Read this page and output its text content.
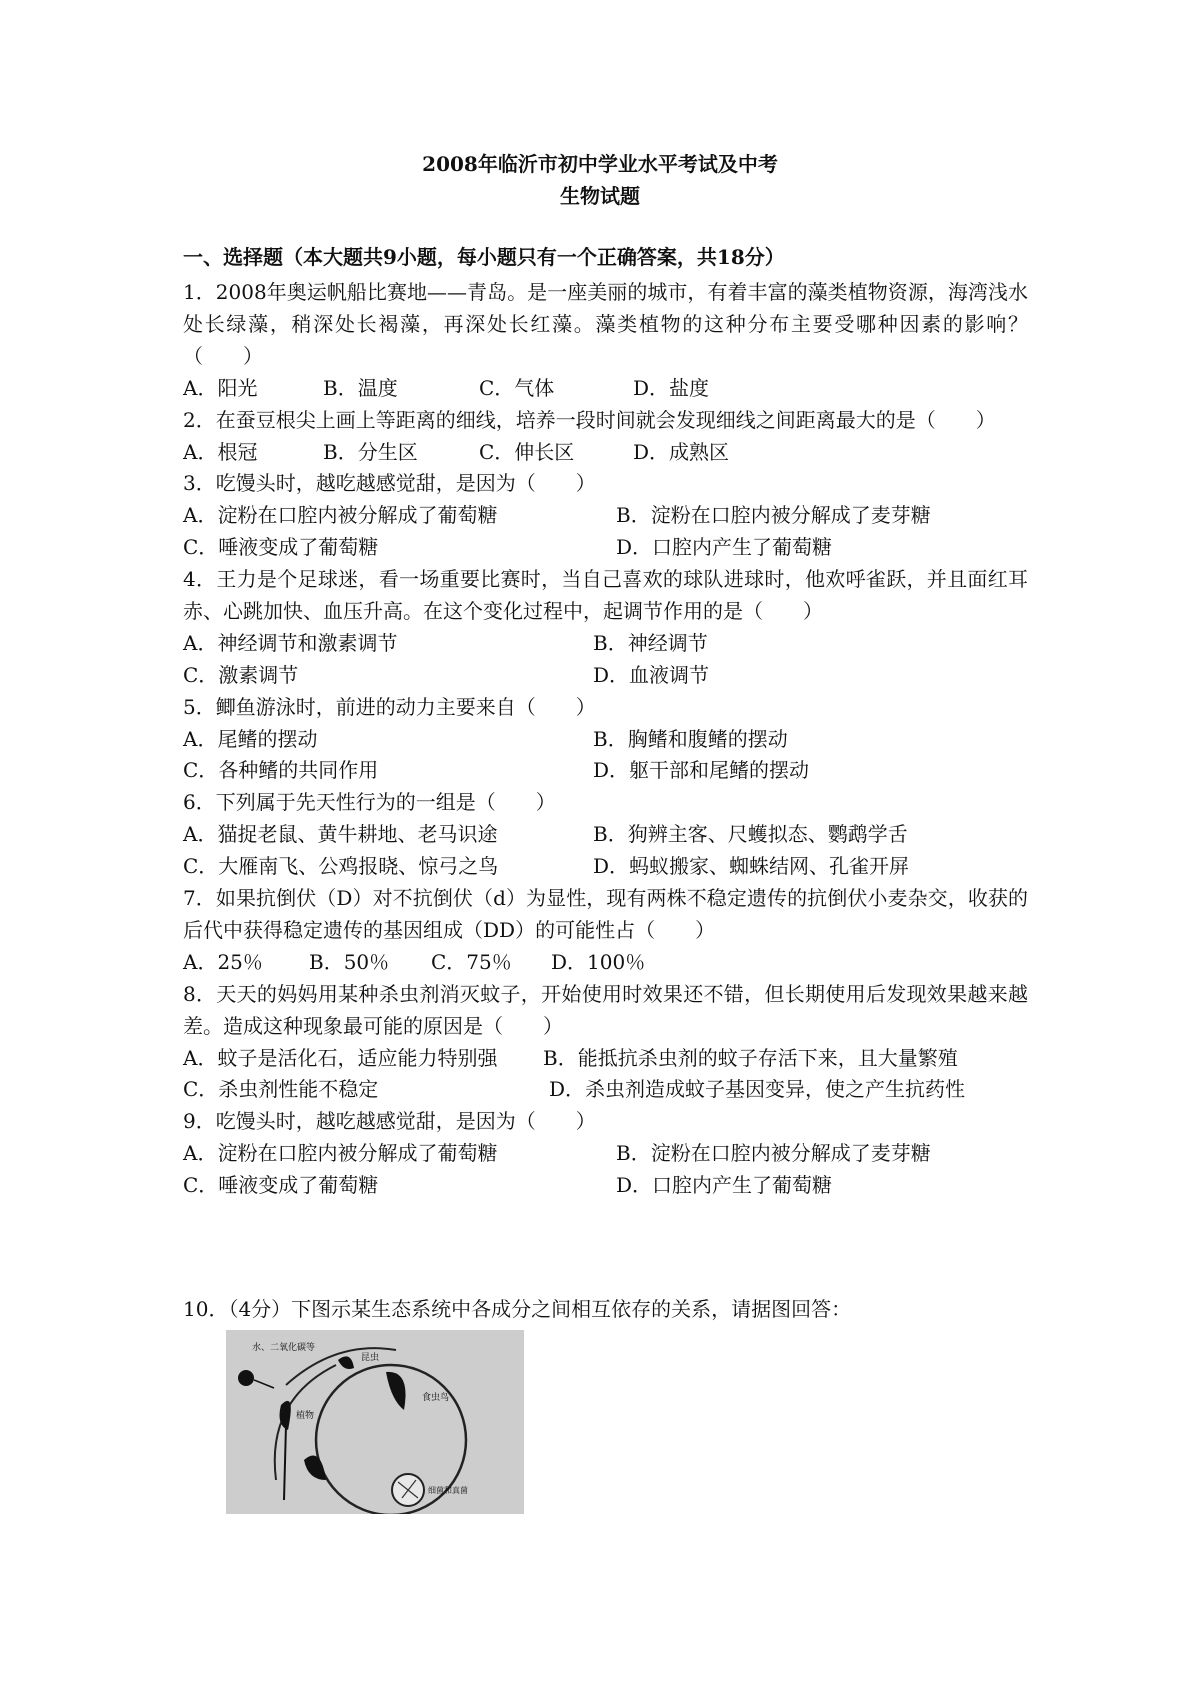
2008年临沂市初中学业水平考试及中考
生物试题
一、选择题（本大题共9小题，每小题只有一个正确答案，共18分）
1．2008年奥运帆船比赛地——青岛。是一座美丽的城市，有着丰富的藻类植物资源，海湾浅水处长绿藻，稍深处长褐藻，再深处长红藻。藻类植物的这种分布主要受哪种因素的影响？（　　）
A．阳光	B．温度	C．气体	D．盐度
2．在蚕豆根尖上画上等距离的细线，培养一段时间就会发现细线之间距离最大的是（　　）
A．根冠	B．分生区	C．伸长区	D．成熟区
3．吃馒头时，越吃越感觉甜，是因为（　　）
A．淀粉在口腔内被分解成了葡萄糖	B．淀粉在口腔内被分解成了麦芽糖
C．唾液变成了葡萄糖	D．口腔内产生了葡萄糖
4．王力是个足球迷，看一场重要比赛时，当自己喜欢的球队进球时，他欢呼雀跃，并且面红耳赤、心跳加快、血压升高。在这个变化过程中，起调节作用的是（　　）
A．神经调节和激素调节	B．神经调节
C．激素调节	D．血液调节
5．鲫鱼游泳时，前进的动力主要来自（　　）
A．尾鳍的摆动	B．胸鳍和腹鳍的摆动
C．各种鳍的共同作用	D．躯干部和尾鳍的摆动
6．下列属于先天性行为的一组是（　　）
A．猫捉老鼠、黄牛耕地、老马识途	B．狗辨主客、尺蠖拟态、鹦鹉学舌
C．大雁南飞、公鸡报晓、惊弓之鸟	D．蚂蚁搬家、蜘蛛结网、孔雀开屏
7．如果抗倒伏（D）对不抗倒伏（d）为显性，现有两株不稳定遗传的抗倒伏小麦杂交，收获的后代中获得稳定遗传的基因组成（DD）的可能性占（　　）
A．25％ B．50％ C．75％ D．100％
8．天天的妈妈用某种杀虫剂消灭蚊子，开始使用时效果还不错，但长期使用后发现效果越来越差。造成这种现象最可能的原因是（　　）
A．蚊子是活化石，适应能力特别强 B．能抵抗杀虫剂的蚊子存活下来，且大量繁殖
C．杀虫剂性能不稳定	D．杀虫剂造成蚊子基因变异，使之产生抗药性
9．吃馒头时，越吃越感觉甜，是因为（　　）
A．淀粉在口腔内被分解成了葡萄糖	B．淀粉在口腔内被分解成了麦芽糖
C．唾液变成了葡萄糖	D．口腔内产生了葡萄糖
10．（4分）下图示某生态系统中各成分之间相互依存的关系，请据图回答：
水、二氧化碳等
昆虫
植物
食虫鸟
细菌和真菌
